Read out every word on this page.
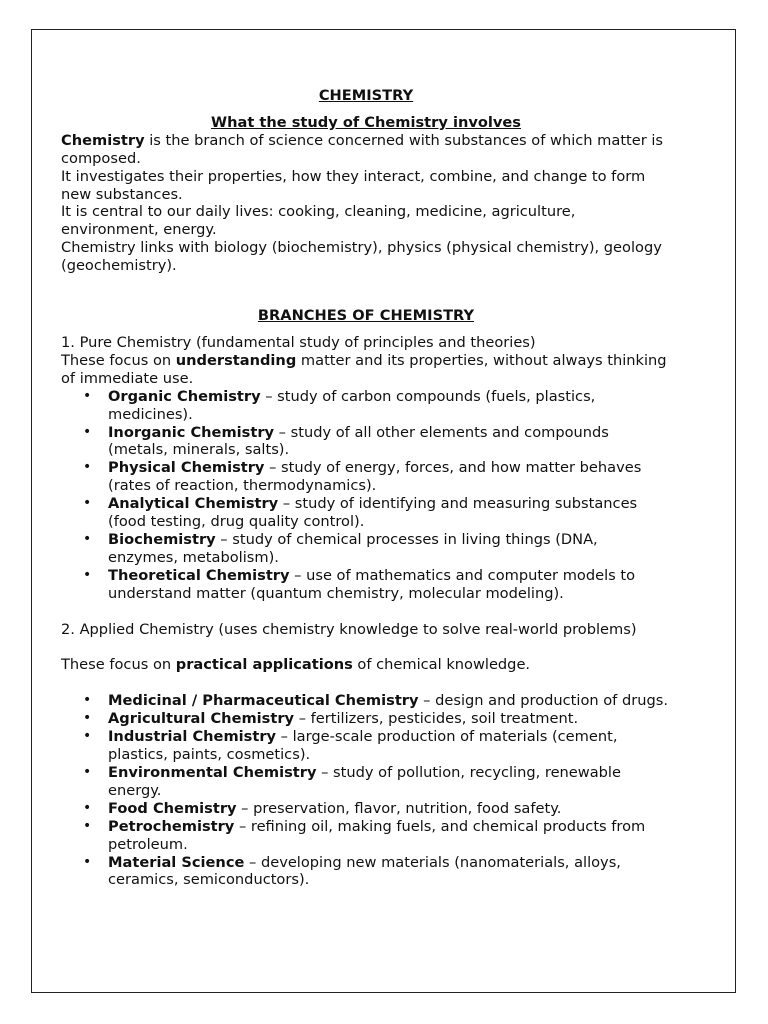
CHEMISTRY

What the study of Chemistry involves

Chemistry is the branch of science concerned with substances of which matter is composed.

It investigates their properties, how they interact, combine, and change to form new substances.

It is central to our daily lives: cooking, cleaning, medicine, agriculture, environment, energy.

Chemistry links with biology (biochemistry), physics (physical chemistry), geology (geochemistry).

BRANCHES OF CHEMISTRY

1. Pure Chemistry (fundamental study of principles and theories)

These focus on understanding matter and its properties, without always thinking of immediate use.

• Organic Chemistry – study of carbon compounds (fuels, plastics, medicines).
• Inorganic Chemistry – study of all other elements and compounds (metals, minerals, salts).
• Physical Chemistry – study of energy, forces, and how matter behaves (rates of reaction, thermodynamics).
• Analytical Chemistry – study of identifying and measuring substances (food testing, drug quality control).
• Biochemistry – study of chemical processes in living things (DNA, enzymes, metabolism).
• Theoretical Chemistry – use of mathematics and computer models to understand matter (quantum chemistry, molecular modeling).

2. Applied Chemistry (uses chemistry knowledge to solve real-world problems)

These focus on practical applications of chemical knowledge.

• Medicinal / Pharmaceutical Chemistry – design and production of drugs.
• Agricultural Chemistry – fertilizers, pesticides, soil treatment.
• Industrial Chemistry – large-scale production of materials (cement, plastics, paints, cosmetics).
• Environmental Chemistry – study of pollution, recycling, renewable energy.
• Food Chemistry – preservation, flavor, nutrition, food safety.
• Petrochemistry – refining oil, making fuels, and chemical products from petroleum.
• Material Science – developing new materials (nanomaterials, alloys, ceramics, semiconductors).
